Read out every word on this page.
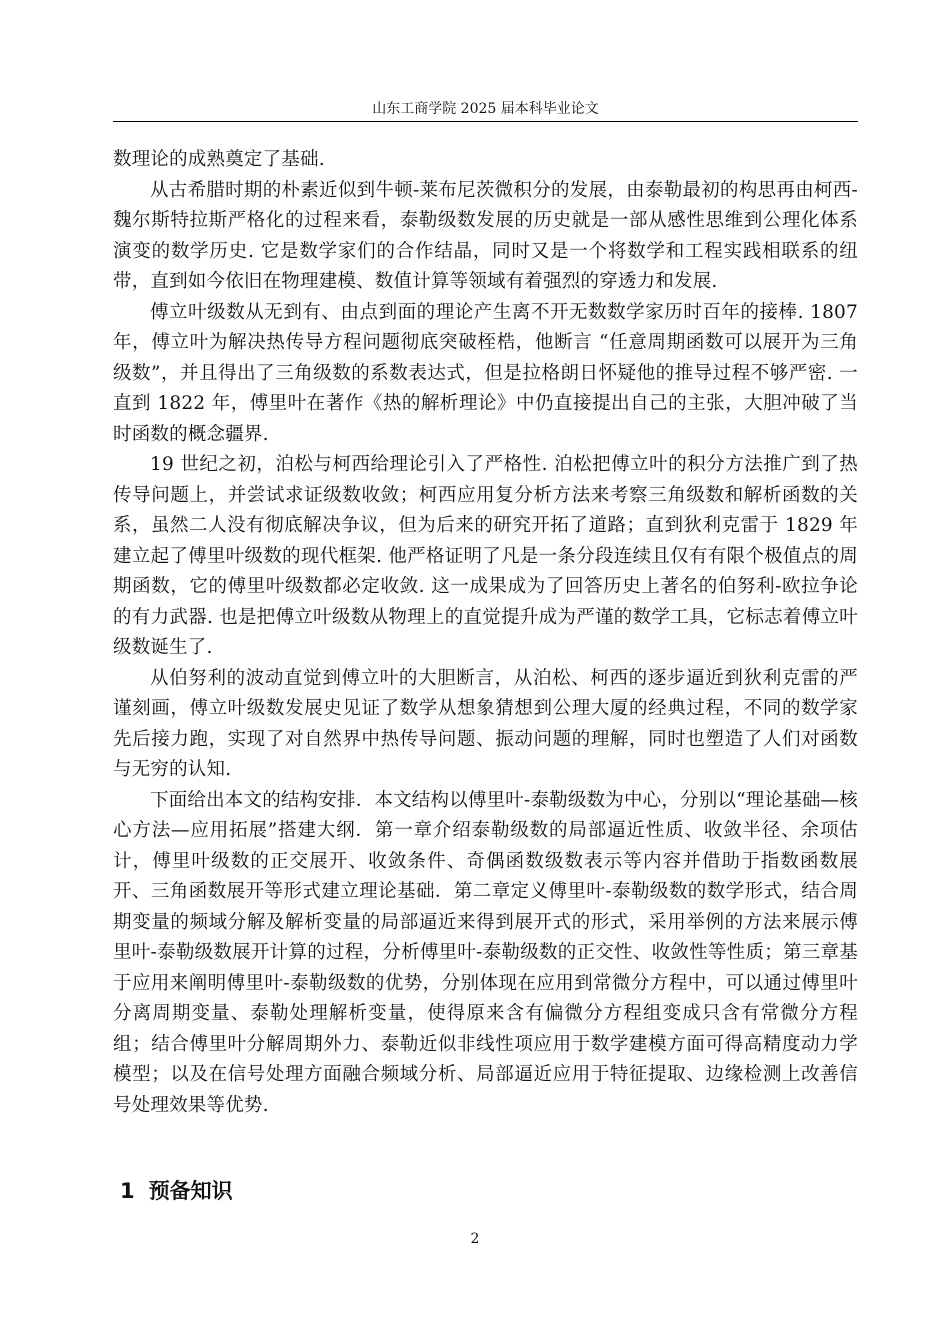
山东工商学院 2025 届本科毕业论文

数理论的成熟奠定了基础.

从古希腊时期的朴素近似到牛顿-莱布尼茨微积分的发展，由泰勒最初的构思再由柯西-魏尔斯特拉斯严格化的过程来看，泰勒级数发展的历史就是一部从感性思维到公理化体系演变的数学历史. 它是数学家们的合作结晶，同时又是一个将数学和工程实践相联系的纽带，直到如今依旧在物理建模、数值计算等领域有着强烈的穿透力和发展.

傅立叶级数从无到有、由点到面的理论产生离不开无数数学家历时百年的接棒. 1807年，傅立叶为解决热传导方程问题彻底突破桎梏，他断言 “任意周期函数可以展开为三角级数”，并且得出了三角级数的系数表达式，但是拉格朗日怀疑他的推导过程不够严密. 一直到 1822 年，傅里叶在著作《热的解析理论》中仍直接提出自己的主张，大胆冲破了当时函数的概念疆界.

19 世纪之初，泊松与柯西给理论引入了严格性. 泊松把傅立叶的积分方法推广到了热传导问题上，并尝试求证级数收敛；柯西应用复分析方法来考察三角级数和解析函数的关系，虽然二人没有彻底解决争议，但为后来的研究开拓了道路；直到狄利克雷于 1829 年建立起了傅里叶级数的现代框架. 他严格证明了凡是一条分段连续且仅有有限个极值点的周期函数，它的傅里叶级数都必定收敛. 这一成果成为了回答历史上著名的伯努利-欧拉争论的有力武器. 也是把傅立叶级数从物理上的直觉提升成为严谨的数学工具，它标志着傅立叶级数诞生了.

从伯努利的波动直觉到傅立叶的大胆断言，从泊松、柯西的逐步逼近到狄利克雷的严谨刻画，傅立叶级数发展史见证了数学从想象猜想到公理大厦的经典过程，不同的数学家先后接力跑，实现了对自然界中热传导问题、振动问题的理解，同时也塑造了人们对函数与无穷的认知.

下面给出本文的结构安排．本文结构以傅里叶-泰勒级数为中心，分别以“理论基础—核心方法—应用拓展”搭建大纲．第一章介绍泰勒级数的局部逼近性质、收敛半径、余项估计，傅里叶级数的正交展开、收敛条件、奇偶函数级数表示等内容并借助于指数函数展开、三角函数展开等形式建立理论基础．第二章定义傅里叶-泰勒级数的数学形式，结合周期变量的频域分解及解析变量的局部逼近来得到展开式的形式，采用举例的方法来展示傅里叶-泰勒级数展开计算的过程，分析傅里叶-泰勒级数的正交性、收敛性等性质；第三章基于应用来阐明傅里叶-泰勒级数的优势，分别体现在应用到常微分方程中，可以通过傅里叶分离周期变量、泰勒处理解析变量，使得原来含有偏微分方程组变成只含有常微分方程组；结合傅里叶分解周期外力、泰勒近似非线性项应用于数学建模方面可得高精度动力学模型；以及在信号处理方面融合频域分析、局部逼近应用于特征提取、边缘检测上改善信号处理效果等优势.

1 预备知识
2
